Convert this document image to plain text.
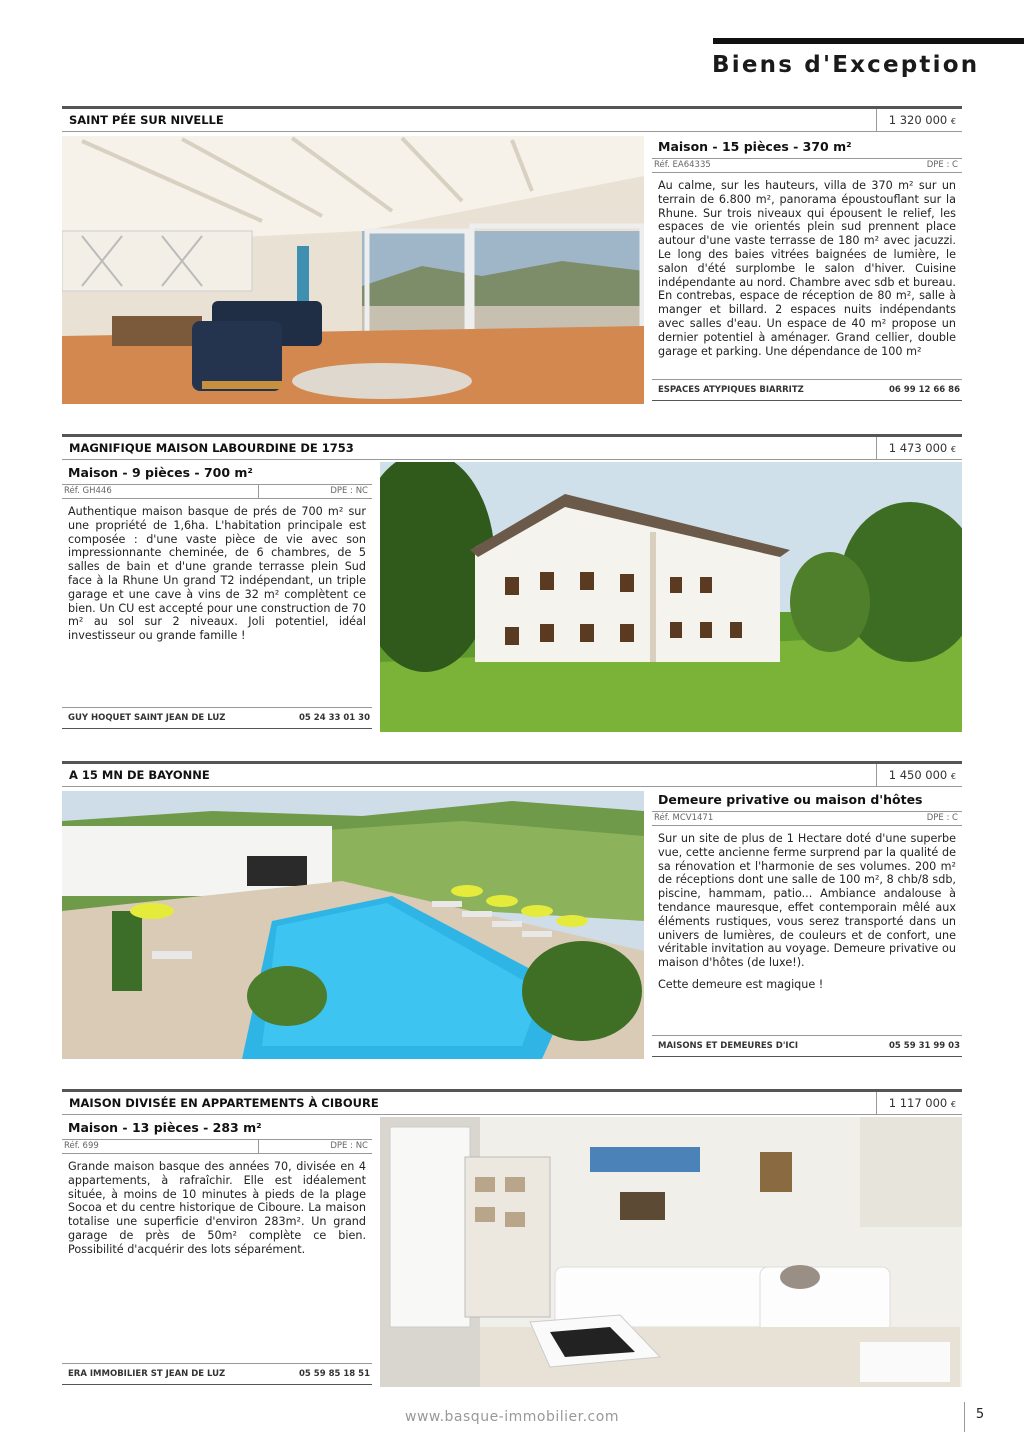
Biens d'Exception
SAINT PÉE SUR NIVELLE	1 320 000 €
Maison - 15 pièces - 370 m²
Réf. EA64335	DPE : C
Au calme, sur les hauteurs, villa de 370 m² sur un terrain de 6.800 m², panorama époustouflant sur la Rhune. Sur trois niveaux qui épousent le relief, les espaces de vie orientés plein sud prennent place autour d'une vaste terrasse de 180 m² avec jacuzzi. Le long des baies vitrées baignées de lumière, le salon d'été surplombe le salon d'hiver. Cuisine indépendante au nord. Chambre avec sdb et bureau. En contrebas, espace de réception de 80 m², salle à manger et billard. 2 espaces nuits indépendants avec salles d'eau. Un espace de 40 m² propose un dernier potentiel à aménager. Grand cellier, double garage et parking. Une dépendance de 100 m²
ESPACES ATYPIQUES BIARRITZ	06 99 12 66 86
MAGNIFIQUE MAISON LABOURDINE DE 1753	1 473 000 €
Maison - 9 pièces - 700 m²
Réf. GH446	DPE : NC
Authentique maison basque de prés de 700 m² sur une propriété de 1,6ha. L'habitation principale est composée : d'une vaste pièce de vie avec son impressionnante cheminée, de 6 chambres, de 5 salles de bain et d'une grande terrasse plein Sud face à la Rhune Un grand T2 indépendant, un triple garage et une cave à vins de 32 m² complètent ce bien. Un CU est accepté pour une construction de 70 m² au sol sur 2 niveaux. Joli potentiel, idéal investisseur ou grande famille !
GUY HOQUET SAINT JEAN DE LUZ	05 24 33 01 30
A 15 MN DE BAYONNE	1 450 000 €
Demeure privative ou maison d'hôtes
Réf. MCV1471	DPE : C
Sur un site de plus de 1 Hectare doté d'une superbe vue, cette ancienne ferme surprend par la qualité de sa rénovation et l'harmonie de ses volumes. 200 m² de réceptions dont une salle de 100 m², 8 chb/8 sdb, piscine, hammam, patio... Ambiance andalouse à tendance mauresque, effet contemporain mêlé aux éléments rustiques, vous serez transporté dans un univers de lumières, de couleurs et de confort, une véritable invitation au voyage. Demeure privative ou maison d'hôtes (de luxe!).
Cette demeure est magique !
MAISONS ET DEMEURES D'ICI	05 59 31 99 03
MAISON DIVISÉE EN APPARTEMENTS À CIBOURE	1 117 000 €
Maison - 13 pièces - 283 m²
Réf. 699	DPE : NC
Grande maison basque des années 70, divisée en 4 appartements, à rafraîchir. Elle est idéalement située, à moins de 10 minutes à pieds de la plage Socoa et du centre historique de Ciboure. La maison totalise une superficie d'environ 283m². Un grand garage de près de 50m² complète ce bien. Possibilité d'acquérir des lots séparément.
ERA IMMOBILIER ST JEAN DE LUZ	05 59 85 18 51
www.basque-immobilier.com	5
